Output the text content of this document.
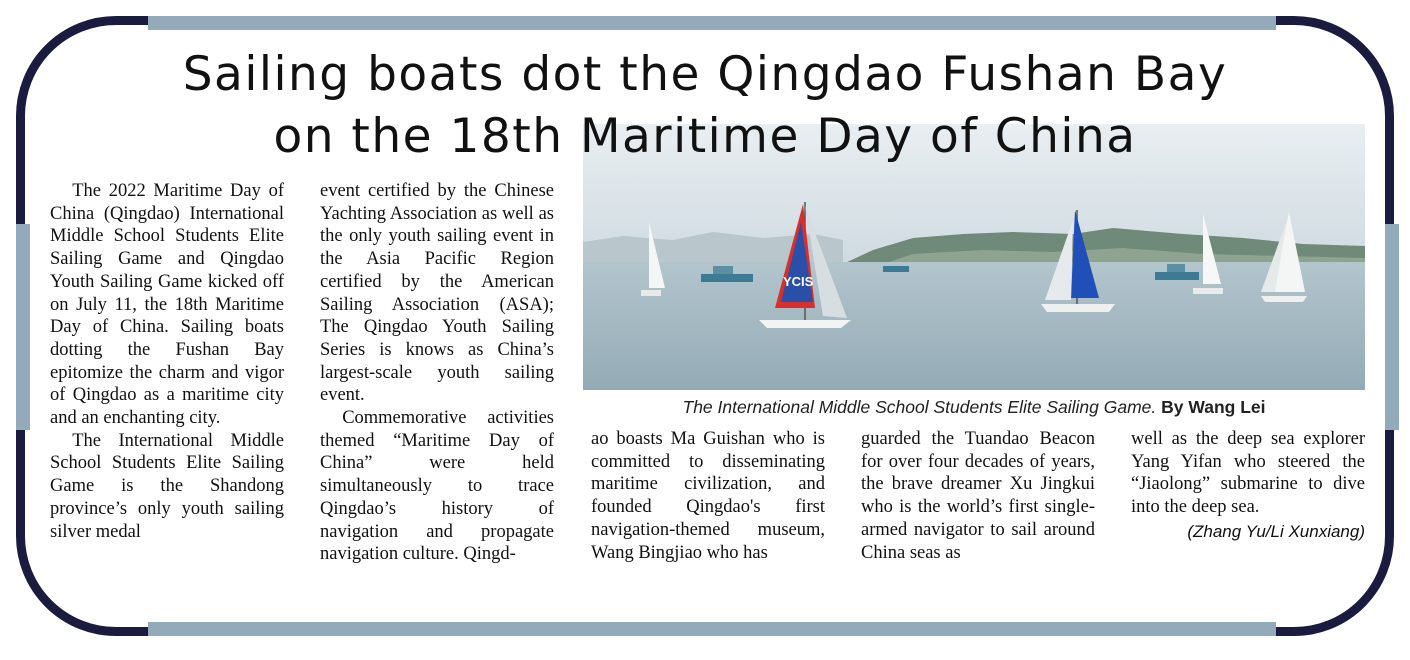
Sailing boats dot the Qingdao Fushan Bay
on the 18th Maritime Day of China
YCIS
The International Middle School Students Elite Sailing Game. By Wang Lei

The 2022 Maritime Day of China (Qingdao) International Middle School Students Elite Sailing Game and Qingdao Youth Sailing Game kicked off on July 11, the 18th Maritime Day of China. Sailing boats dotting the Fushan Bay epitomize the charm and vigor of Qingdao as a maritime city and an enchanting city.

The International Middle School Students Elite Sailing Game is the Shandong province’s only youth sailing silver medal

event certified by the Chinese Yachting Association as well as the only youth sailing event in the Asia Pacific Region certified by the American Sailing Association (ASA); The Qingdao Youth Sailing Series is knows as China’s largest-scale youth sailing event.

Commemorative activities themed “Maritime Day of China” were held simultaneously to trace Qingdao’s history of navigation and propagate navigation culture. Qingd-

ao boasts Ma Guishan who is committed to disseminating maritime civilization, and founded Qingdao's first navigation-themed museum, Wang Bingjiao who has

guarded the Tuandao Beacon for over four decades of years, the brave dreamer Xu Jingkui who is the world’s first single-armed navigator to sail around China seas as

well as the deep sea explorer Yang Yifan who steered the “Jiaolong” submarine to dive into the deep sea.

(Zhang Yu/Li Xunxiang)
